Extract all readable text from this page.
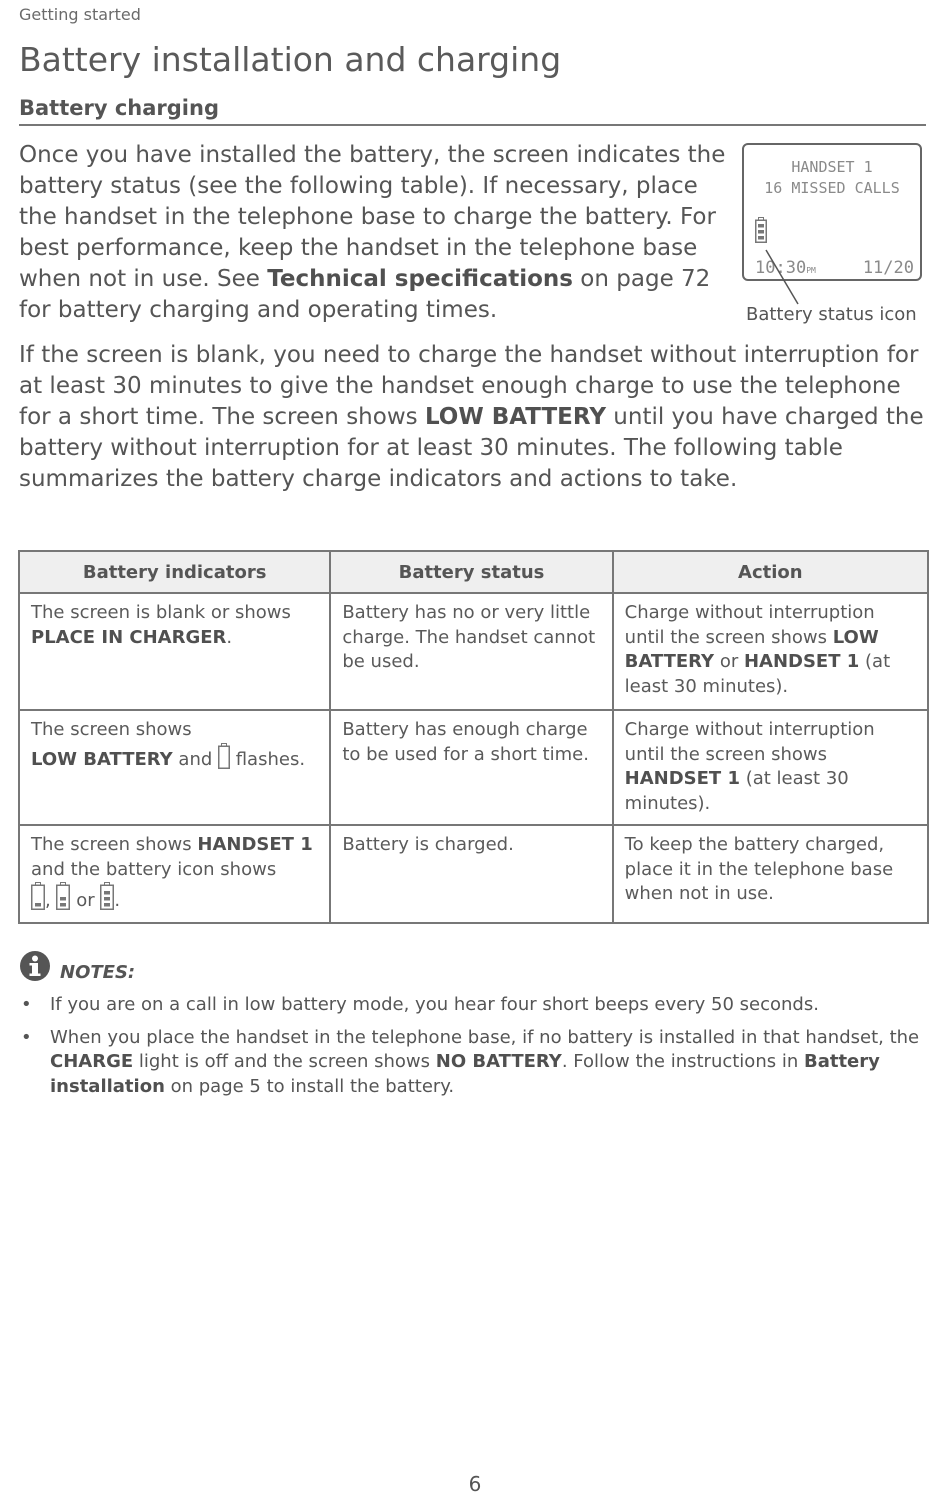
Getting started
Battery installation and charging
Battery charging

Once you have installed the battery, the screen indicates the battery status (see the following table). If necessary, place the handset in the telephone base to charge the battery. For best performance, keep the handset in the telephone base when not in use. See Technical specifications on page 72 for battery charging and operating times.

HANDSET 1
16 MISSED CALLS
10:30PM	11/20
Battery status icon

If the screen is blank, you need to charge the handset without interruption for at least 30 minutes to give the handset enough charge to use the telephone for a short time. The screen shows LOW BATTERY until you have charged the battery without interruption for at least 30 minutes. The following table summarizes the battery charge indicators and actions to take.

Battery indicators	Battery status	Action
The screen is blank or shows PLACE IN CHARGER.	Battery has no or very little charge. The handset cannot be used.	Charge without interruption until the screen shows LOW BATTERY or HANDSET 1 (at least 30 minutes).
The screen shows
LOW BATTERY and  flashes.	Battery has enough charge to be used for a short time.	Charge without interruption until the screen shows HANDSET 1 (at least 30 minutes).
The screen shows HANDSET 1 and the battery icon shows
,  or .	Battery is charged.	To keep the battery charged, place it in the telephone base when not in use.
NOTES:
• If you are on a call in low battery mode, you hear four short beeps every 50 seconds.
• When you place the handset in the telephone base, if no battery is installed in that handset, the CHARGE light is off and the screen shows NO BATTERY. Follow the instructions in Battery installation on page 5 to install the battery.
6
